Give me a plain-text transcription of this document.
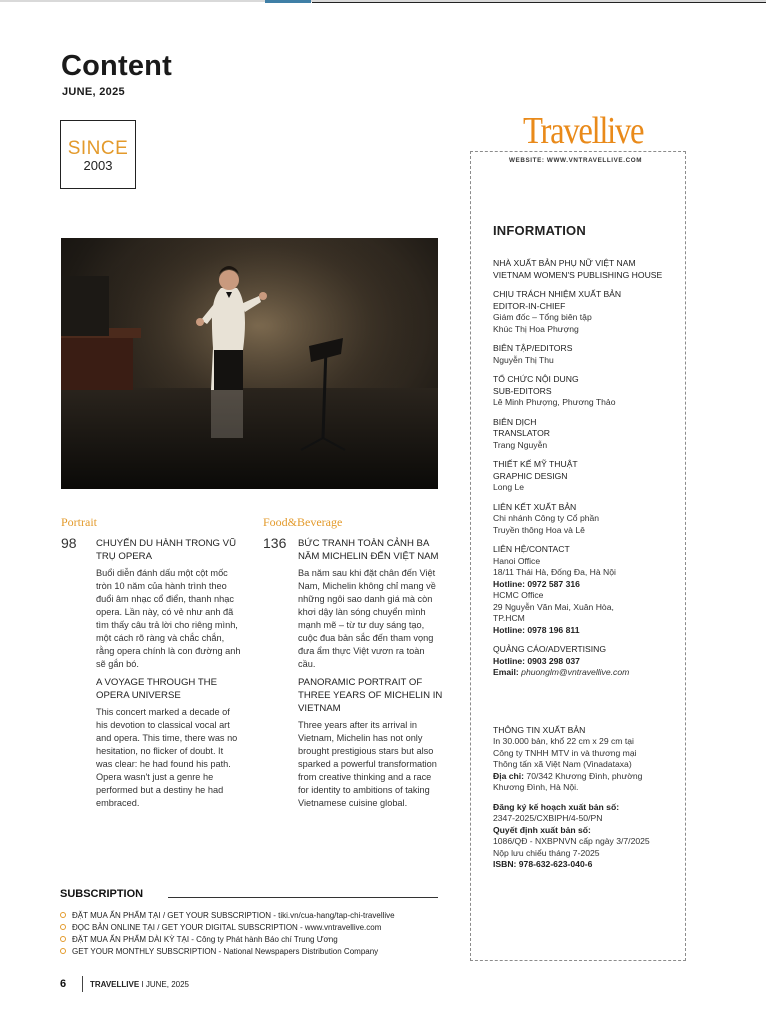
Content
JUNE, 2025
SINCE
2003
Portrait
98 CHUYẾN DU HÀNH TRONG VŨ TRỤ OPERA
Buổi diễn đánh dấu một cột mốc tròn 10 năm của hành trình theo đuổi âm nhạc cổ điển, thanh nhạc opera. Lần này, có vẻ như anh đã tìm thấy câu trả lời cho riêng mình, một cách rõ ràng và chắc chắn, rằng opera chính là con đường anh sẽ gắn bó.
A VOYAGE THROUGH THE OPERA UNIVERSE
This concert marked a decade of his devotion to classical vocal art and opera. This time, there was no hesitation, no flicker of doubt. It was clear: he had found his path. Opera wasn't just a genre he performed but a destiny he had embraced.
Food&Beverage
136 BỨC TRANH TOÀN CẢNH BA NĂM MICHELIN ĐẾN VIỆT NAM
Ba năm sau khi đặt chân đến Việt Nam, Michelin không chỉ mang về những ngôi sao danh giá mà còn khơi dậy làn sóng chuyển mình mạnh mẽ – từ tư duy sáng tạo, cuộc đua bản sắc đến tham vọng đưa ẩm thực Việt vươn ra toàn cầu.
PANORAMIC PORTRAIT OF THREE YEARS OF MICHELIN IN VIETNAM
Three years after its arrival in Vietnam, Michelin has not only brought prestigious stars but also sparked a powerful transformation from creative thinking and a race for identity to ambitions of taking Vietnamese cuisine global.
SUBSCRIPTION
ĐẶT MUA ẤN PHẨM TẠI / GET YOUR SUBSCRIPTION - tiki.vn/cua-hang/tap-chi-travellive
ĐỌC BẢN ONLINE TẠI / GET YOUR DIGITAL SUBSCRIPTION - www.vntravellive.com
ĐẶT MUA ẤN PHẨM DÀI KỲ TẠI - Công ty Phát hành Báo chí Trung Ương
GET YOUR MONTHLY SUBSCRIPTION - National Newspapers Distribution Company
6	TRAVELLIVE I JUNE, 2025
Travellive
WEBSITE: WWW.VNTRAVELLIVE.COM
INFORMATION
NHÀ XUẤT BẢN PHỤ NỮ VIỆT NAM
VIETNAM WOMEN'S PUBLISHING HOUSE
CHỊU TRÁCH NHIỆM XUẤT BẢN
EDITOR-IN-CHIEF
Giám đốc – Tổng biên tập
Khúc Thị Hoa Phượng
BIÊN TẬP/EDITORS
Nguyễn Thị Thu
TỔ CHỨC NỘI DUNG
SUB-EDITORS
Lê Minh Phượng, Phương Thảo
BIÊN DỊCH
TRANSLATOR
Trang Nguyễn
THIẾT KẾ MỸ THUẬT
GRAPHIC DESIGN
Long Le
LIÊN KẾT XUẤT BẢN
Chi nhánh Công ty Cổ phần
Truyền thông Hoa và Lê
LIÊN HỆ/CONTACT
Hanoi Office
18/11 Thái Hà, Đống Đa, Hà Nội
Hotline: 0972 587 316
HCMC Office
29 Nguyễn Văn Mai, Xuân Hòa,
TP.HCM
Hotline: 0978 196 811
QUẢNG CÁO/ADVERTISING
Hotline: 0903 298 037
Email: phuonglm@vntravellive.com
THÔNG TIN XUẤT BẢN
In 30.000 bản, khổ 22 cm x 29 cm tại
Công ty TNHH MTV in và thương mại
Thông tấn xã Việt Nam (Vinadataxa)
Địa chỉ: 70/342 Khương Đình, phường
Khương Đình, Hà Nội.
Đăng ký kế hoạch xuất bản số:
2347-2025/CXBIPH/4-50/PN
Quyết định xuất bản số:
1086/QĐ - NXBPNVN cấp ngày 3/7/2025
Nộp lưu chiểu tháng 7-2025
ISBN: 978-632-623-040-6
